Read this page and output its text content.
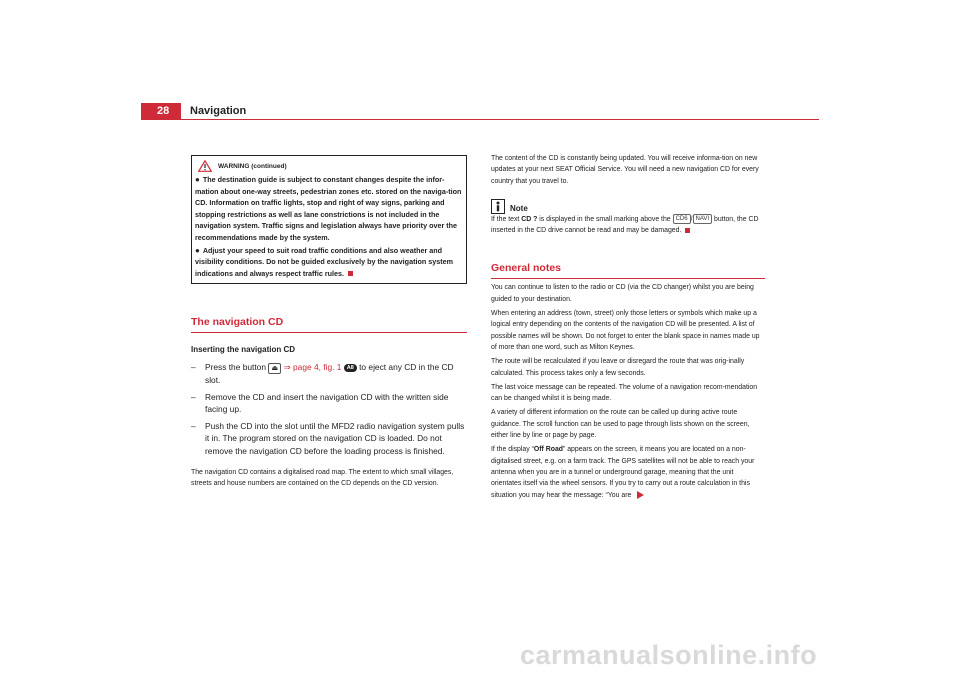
28	Navigation
WARNING (continued)
● The destination guide is subject to constant changes despite the infor-mation about one-way streets, pedestrian zones etc. stored on the naviga-tion CD. Information on traffic lights, stop and right of way signs, parking and stopping restrictions as well as lane constrictions is not included in the navigation system. Traffic signs and legislation always have priority over the recommendations made by the system.
● Adjust your speed to suit road traffic conditions and also weather and visibility conditions. Do not be guided exclusively by the navigation system indications and always respect traffic rules.
The navigation CD
Inserting the navigation CD
– Press the button ⏏ ⇒ page 4, fig. 1 A8 to eject any CD in the CD slot.
– Remove the CD and insert the navigation CD with the written side facing up.
– Push the CD into the slot until the MFD2 radio navigation system pulls it in. The program stored on the navigation CD is loaded. Do not remove the navigation CD before the loading process is finished.
The navigation CD contains a digitalised road map. The extent to which small villages, streets and house numbers are contained on the CD depends on the CD version.

The content of the CD is constantly being updated. You will receive informa-tion on new updates at your next SEAT Official Service. You will need a new navigation CD for every country that you travel to.

Note

If the text CD ? is displayed in the small marking above the CD6 / NAVI button, the CD inserted in the CD drive cannot be read and may be damaged.

General notes

You can continue to listen to the radio or CD (via the CD changer) whilst you are being guided to your destination.

When entering an address (town, street) only those letters or symbols which make up a logical entry depending on the contents of the navigation CD will be presented. A list of possible names will be shown. Do not forget to enter the blank space in names made up of more than one word, such as Milton Keynes.

The route will be recalculated if you leave or disregard the route that was orig-inally calculated. This process takes only a few seconds.

The last voice message can be repeated. The volume of a navigation recom-mendation can be changed whilst it is being made.

A variety of different information on the route can be called up during active route guidance. The scroll function can be used to page through lists shown on the screen, either line by line or page by page.

If the display “Off Road” appears on the screen, it means you are located on a non-digitalised street, e.g. on a farm track. The GPS satellites will not be able to reach your antenna when you are in a tunnel or underground garage, meaning that the unit orientates itself via the wheel sensors. If you try to carry out a route calculation in this situation you may hear the message: “You are

carmanualsonline.info
